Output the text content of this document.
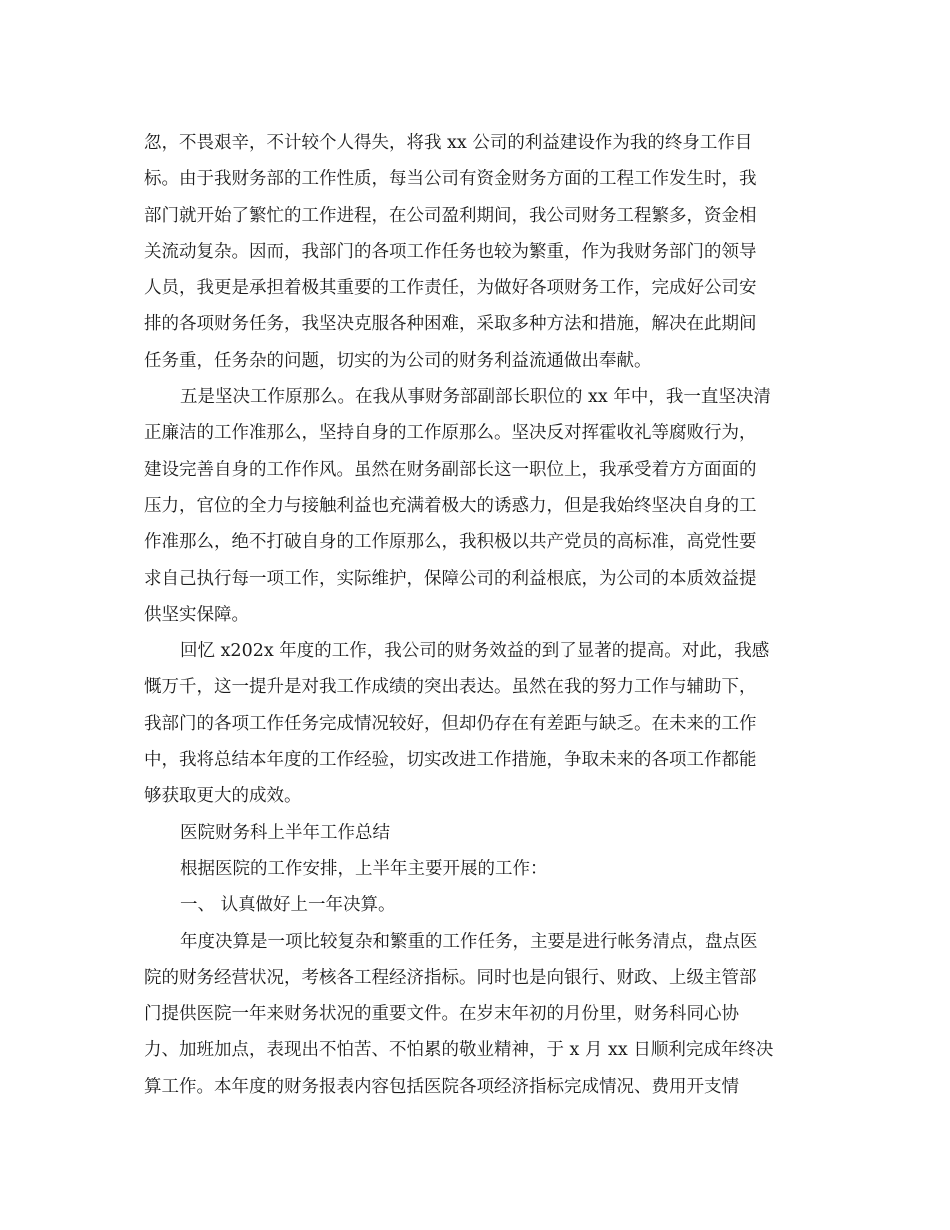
忽，不畏艰辛，不计较个人得失，将我 xx 公司的利益建设作为我的终身工作目
标。由于我财务部的工作性质，每当公司有资金财务方面的工程工作发生时，我
部门就开始了繁忙的工作进程，在公司盈利期间，我公司财务工程繁多，资金相
关流动复杂。因而，我部门的各项工作任务也较为繁重，作为我财务部门的领导
人员，我更是承担着极其重要的工作责任，为做好各项财务工作，完成好公司安
排的各项财务任务，我坚决克服各种困难，采取多种方法和措施，解决在此期间
任务重，任务杂的问题，切实的为公司的财务利益流通做出奉献。
五是坚决工作原那么。在我从事财务部副部长职位的 xx 年中，我一直坚决清
正廉洁的工作准那么，坚持自身的工作原那么。坚决反对挥霍收礼等腐败行为，
建设完善自身的工作作风。虽然在财务副部长这一职位上，我承受着方方面面的
压力，官位的全力与接触利益也充满着极大的诱惑力，但是我始终坚决自身的工
作准那么，绝不打破自身的工作原那么，我积极以共产党员的高标准，高党性要
求自己执行每一项工作，实际维护，保障公司的利益根底，为公司的本质效益提
供坚实保障。
回忆 x202x 年度的工作，我公司的财务效益的到了显著的提高。对此，我感
慨万千，这一提升是对我工作成绩的突出表达。虽然在我的努力工作与辅助下，
我部门的各项工作任务完成情况较好，但却仍存在有差距与缺乏。在未来的工作
中，我将总结本年度的工作经验，切实改进工作措施，争取未来的各项工作都能
够获取更大的成效。
医院财务科上半年工作总结
根据医院的工作安排，上半年主要开展的工作：
一、 认真做好上一年决算。
年度决算是一项比较复杂和繁重的工作任务，主要是进行帐务清点，盘点医
院的财务经营状况，考核各工程经济指标。同时也是向银行、财政、上级主管部
门提供医院一年来财务状况的重要文件。在岁末年初的月份里，财务科同心协
力、加班加点，表现出不怕苦、不怕累的敬业精神，于 x 月 xx 日顺利完成年终决
算工作。本年度的财务报表内容包括医院各项经济指标完成情况、费用开支情
